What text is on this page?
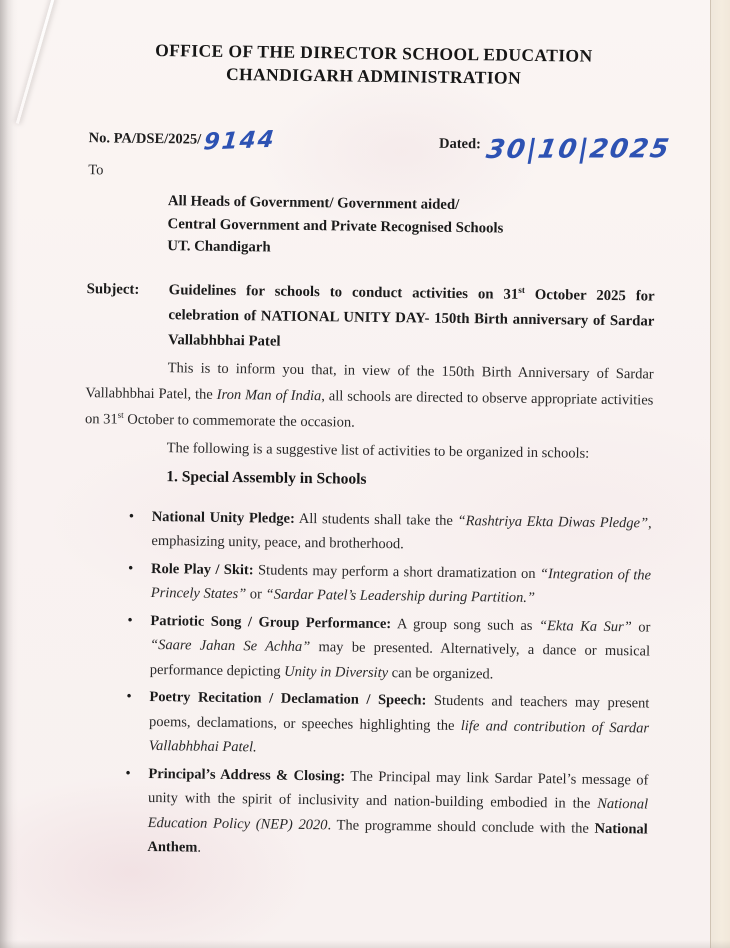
OFFICE OF THE DIRECTOR SCHOOL EDUCATION
CHANDIGARH ADMINISTRATION
No. PA/DSE/2025/9144	Dated: 30|10|2025
To
All Heads of Government/ Government aided/
Central Government and Private Recognised Schools
UT. Chandigarh
Subject:	Guidelines for schools to conduct activities on 31st October 2025 for celebration of NATIONAL UNITY DAY- 150th Birth anniversary of Sardar Vallabhbhai Patel

This is to inform you that, in view of the 150th Birth Anniversary of Sardar Vallabhbhai Patel, the Iron Man of India, all schools are directed to observe appropriate activities on 31st October to commemorate the occasion.

The following is a suggestive list of activities to be organized in schools:

1. Special Assembly in Schools
• National Unity Pledge: All students shall take the “Rashtriya Ekta Diwas Pledge”, emphasizing unity, peace, and brotherhood.
• Role Play / Skit: Students may perform a short dramatization on “Integration of the Princely States” or “Sardar Patel’s Leadership during Partition.”
• Patriotic Song / Group Performance: A group song such as “Ekta Ka Sur” or “Saare Jahan Se Achha” may be presented. Alternatively, a dance or musical performance depicting Unity in Diversity can be organized.
• Poetry Recitation / Declamation / Speech: Students and teachers may present poems, declamations, or speeches highlighting the life and contribution of Sardar Vallabhbhai Patel.
• Principal’s Address & Closing: The Principal may link Sardar Patel’s message of unity with the spirit of inclusivity and nation-building embodied in the National Education Policy (NEP) 2020. The programme should conclude with the National Anthem.
